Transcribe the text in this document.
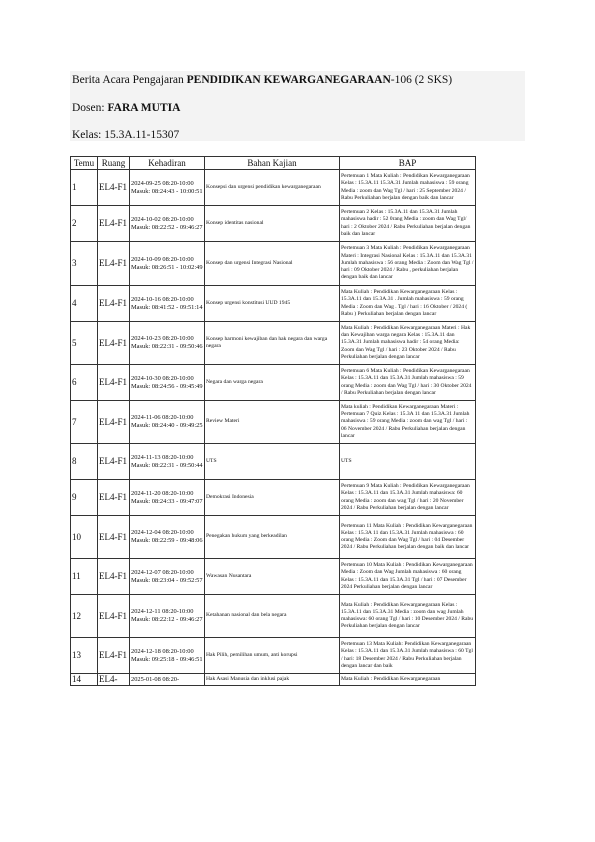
Berita Acara Pengajaran PENDIDIKAN KEWARGANEGARAAN-106 (2 SKS)
Dosen: FARA MUTIA
Kelas: 15.3A.11-15307
Temu	Ruang	Kehadiran	Bahan Kajian	BAP
1	EL4-F1	2024-09-25 08:20-10:00
Masuk: 08:24:43 - 10:00:51	Konsepsi dan urgensi pendidikan kewarganegaraan	Pertemuan 1 Mata Kuliah : Pendidikan Kewarganegaraan Kelas : 15.3A.11 15.3A.31 Jumlah mahasiswa : 59 orang Media : zoom dan Wag Tgl / hari : 25 September 2024 / Rabu Perkuliahan berjalan dengan baik dan lancar
2	EL4-F1	2024-10-02 08:20-10:00
Masuk: 08:22:52 - 09:46:27	Konsep identitas nasional	Pertemuan 2 Kelas : 15.3A.11 dan 15.3A.31 Jumlah mahasiswa hadir : 52 0rang Media : zoom dan Wag Tgl/ hari : 2 Oktober 2024 / Rabu Perkuliahan berjalan dengan baik dan lancar
3	EL4-F1	2024-10-09 08:20-10:00
Masuk: 08:26:51 - 10:02:49	Konsep dan urgensi Integrasi Nasional	Pertemuan 3 Mata Kuliah : Pendidikan Kewarganegaraan Materi : Integrasi Nasional Kelas : 15.3A.11 dan 15.3A.31 Jumlah mahasiswa : 56 orang Media : Zoom dan Wag Tgl / hari : 09 Oktober 2024 / Rabu , perkuliahan berjalan dengan baik dan lancar
4	EL4-F1	2024-10-16 08:20-10:00
Masuk: 08:41:52 - 09:51:14	Konsep urgensi konstitusi UUD 1945	Mata Kuliah : Pendidikan Kewarganegaraan Kelas : 15.3A.11 dan 15.3A.31 . Jumlah mahasiswa : 59 orang Media : Zoom dan Wag . Tgl / hari : 16 Oktober / 2024 ( Rabu ) Perkuliahan berjalan dengan lancar
5	EL4-F1	2024-10-23 08:20-10:00
Masuk: 08:22:31 - 09:50:46	Konsep harmoni kewajiban dan hak negara dan warga negara	Mata Kuliah : Pendidikan Kewarganegaraan Materi : Hak dan Kewajiban warga negara Kelas : 15.3A.11 dan 15.3A.31 Jumlah mahasiswa hadir : 54 orang Media: Zoom dan Wag Tgl / hari : 23 Oktober 2024 / Rabu Perkuliahan berjalan dengan lancar
6	EL4-F1	2024-10-30 08:20-10:00
Masuk: 08:24:56 - 09:45:49	Negara dan warga negara	Pertemuan 6 Mata Kuliah : Pendidikan Kewarganegaraan Kelas : 15.3A.11 dan 15.3A.31 Jumlah mahasiswa : 59 orang Media : zoom dan Wag Tgl / hari : 30 Oktober 2024 / Rabu Perkuliahan berjalan dengan lancar
7	EL4-F1	2024-11-06 08:20-10:00
Masuk: 08:24:40 - 09:49:25	Review Materi	Mata kuliah : Pendidikan Kewarganegaraan Materi : Pertemuan 7 Quiz Kelas : 15.3A 11 dan 15.3A.31 Jumlah mahasiswa : 59 orang Media : zoom dan wag Tgl / hari : 06 November 2024 / Rabu Perkuliahan berjalan dengan lancar
8	EL4-F1	2024-11-13 08:20-10:00
Masuk: 08:22:31 - 09:50:44	UTS	UTS
9	EL4-F1	2024-11-20 08:20-10:00
Masuk: 08:24:33 - 09:47:07	Demokrasi Indonesia	Pertemuan 9 Mata Kuliah : Pendidikan Kewarganegaraan Kelas : 15.3A.11 dan 15.3A.31 Jumlah mahasiswa: 60 orang Media : zoom dan wag Tgl / hari : 20 November 2024 / Rabu Perkuliahan berjalan dengan lancar
10	EL4-F1	2024-12-04 08:20-10:00
Masuk: 08:22:59 - 09:48:06	Penegakan hukum yang berkeadilan	Pertemuan 11 Mata Kuliah : Pendidikan Kewarganegaraan Kelas : 15.3A 11 dan 15.3A.31 Jumlah mahasiswa : 60 orang Media : Zoom dan Wag Tgl / hari : 04 Desember 2024 / Rabu Perkuliahan berjalan dengan baik dan lancar
11	EL4-F1	2024-12-07 08:20-10:00
Masuk: 08:23:04 - 09:52:57	Wawasan Nusantara	Pertemuan 10 Mata Kuliah : Pendidikan Kewarganegaraan Media : Zoom dan Wag Jumlah mahasiswa : 60 orang Kelas : 15.3A.11 dan 15.3A.31 Tgl / hari : 07 Desember 2024 Perkuliahan berjalan dengan lancar
12	EL4-F1	2024-12-11 08:20-10:00
Masuk: 08:22:12 - 09:46:27	Ketahanan nasional dan bela negara	Mata Kuliah : Pendidikan Kewarganegaraan Kelas : 15.3A.11 dan 15.3A.31 Media : zoom dan wag Jumlah mahasiswa: 60 orang Tgl / hari : 10 Desember 2024 / Rabu Perkuliahan berjalan dengan lancar
13	EL4-F1	2024-12-18 08:20-10:00
Masuk: 09:25:18 - 09:46:51	Hak Pilih, pemilihan umum, anti korupsi	Pertemuan 13 Mata Kuliah: Pendidikan Kewarganegaraan Kelas : 15.3A.11 dan 15.3A.31 Jumlah mahasiswa : 60 Tgl / hari: 18 Desember 2024 / Rabu Perkuliahan berjalan dengan lancar dan baik
14	EL4-	2025-01-08 08:20-	Hak Asasi Manusia dan inklusi pajak	Mata Kuliah : Pendidikan Kewarganegaraan
